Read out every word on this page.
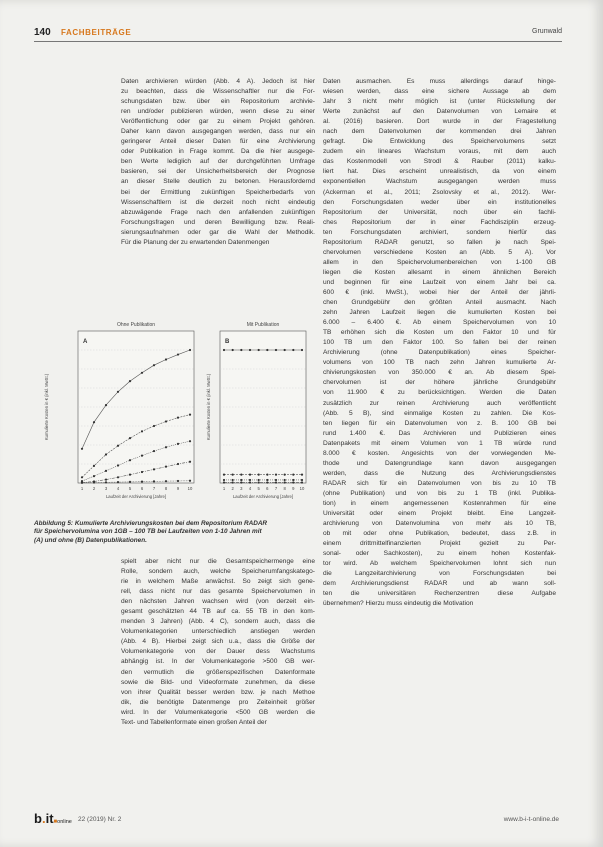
140 FACHBEITRÄGE	Grunwald
Daten archivieren würden (Abb. 4 A). Jedoch ist hier
zu beachten, dass die Wissenschaftler nur die For-
schungsdaten bzw. über ein Repositorium archivie-
ren und/oder publizieren würden, wenn diese zu einer
Veröffentlichung oder gar zu einem Projekt gehören.
Daher kann davon ausgegangen werden, dass nur ein
geringerer Anteil dieser Daten für eine Archivierung
oder Publikation in Frage kommt. Da die hier ausgege-
ben Werte lediglich auf der durchgeführten Umfrage
basieren, sei der Unsicherheitsbereich der Prognose
an dieser Stelle deutlich zu betonen. Herausfordernd
bei der Ermittlung zukünftigen Speicherbedarfs von
Wissenschaftlern ist die derzeit noch nicht eindeutig
abzuwägende Frage nach den anfallenden zukünftigen
Forschungsfragen und deren Bewilligung bzw. Reali-
sierungsaufnahmen oder gar die Wahl der Methodik.
Für die Planung der zu erwartenden Datenmengen
Ohne Publikation
A
1 2 3 4 5 6 7 8 9 10
Laufzeit der Archivierung [Jahre]
Kumulierte Kosten in € (inkl. MwSt.)
Mit Publikation
B
1 2 3 4 5 6 7 8 9 10
Laufzeit der Archivierung [Jahre]
Kumulierte Kosten in € (inkl. MwSt.)
Abbildung 5: Kumulierte Archivierungskosten bei dem Repositorium RADAR
für Speichervolumina von 1GB – 100 TB bei Laufzeiten von 1-10 Jahren mit
(A) und ohne (B) Datenpublikationen.
spielt aber nicht nur die Gesamtspeichermenge eine
Rolle, sondern auch, welche Speicherumfangskatego-
rie in welchem Maße anwächst. So zeigt sich gene-
rell, dass nicht nur das gesamte Speichervolumen in
den nächsten Jahren wachsen wird (von derzeit ein-
gesamt geschätzten 44 TB auf ca. 55 TB in den kom-
menden 3 Jahren) (Abb. 4 C), sondern auch, dass die
Volumenkategorien unterschiedlich anstiegen werden
(Abb. 4 B). Hierbei zeigt sich u.a., dass die Größe der
Volumenkategorie von der Dauer dess Wachstums
abhängig ist. In der Volumenkategorie >500 GB wer-
den vermutlich die größenspezifischen Datenformate
sowie die Bild- und Videoformate zunehmen, da diese
von ihrer Qualität besser werden bzw. je nach Methoe
dik, die benötigte Datenmenge pro Zeiteinheit größer
wird. In der Volumenkategorie <500 GB werden die
Text- und Tabellenformate einen großen Anteil der
Daten ausmachen. Es muss allerdings darauf hinge-
wiesen werden, dass eine sichere Aussage ab dem
Jahr 3 nicht mehr möglich ist (unter Rückstellung der
Werte zunächst auf den Datenvolumen von Lemaire et
al. (2016) basieren. Dort wurde in der Fragestellung
nach dem Datenvolumen der kommenden drei Jahren
gefragt. Die Entwicklung des Speichervolumens setzt
zudem ein lineares Wachstum voraus, mit dem auch
das Kostenmodell von Strodl & Rauber (2011) kalku-
liert hat. Dies erscheint unrealistisch, da von einem
exponentiellen Wachstum ausgegangen werden muss
(Ackerman et al., 2011; Zsolovsky et al., 2012). Wer-
den Forschungsdaten weder über ein institutionelles
Repositorium der Universität, noch über ein fachli-
ches Repositorium der in einer Fachdisziplin erzeug-
ten Forschungsdaten archiviert, sondern hierfür das
Repositorium RADAR genutzt, so fallen je nach Spei-
chervolumen verschiedene Kosten an (Abb. 5 A). Vor
allem in den Speichervolumenbereichen von 1-100 GB
liegen die Kosten allesamt in einem ähnlichen Bereich
und beginnen für eine Laufzeit von einem Jahr bei ca.
600 € (inkl. MwSt.), wobei hier der Anteil der jährli-
chen Grundgebühr den größten Anteil ausmacht. Nach
zehn Jahren Laufzeit liegen die kumulierten Kosten bei
6.000 – 6.400 €. Ab einem Speichervolumen von 10
TB erhöhen sich die Kosten um den Faktor 10 und für
100 TB um den Faktor 100. So fallen bei der reinen
Archivierung (ohne Datenpublikation) eines Speicher-
volumens von 100 TB nach zehn Jahren kumulierte Ar-
chivierungskosten von 350.000 € an. Ab diesem Spei-
chervolumen ist der höhere jährliche Grundgebühr
von 11.900 € zu berücksichtigen. Werden die Daten
zusätzlich zur reinen Archivierung auch veröffentlicht
(Abb. 5 B), sind einmalige Kosten zu zahlen. Die Kos-
ten liegen für ein Datenvolumen von z. B. 100 GB bei
rund 1.400 €. Das Archivieren und Publizieren eines
Datenpakets mit einem Volumen von 1 TB würde rund
8.000 € kosten. Angesichts von der vorwiegenden Me-
thode und Datengrundlage kann davon ausgegangen
werden, dass die Nutzung des Archivierungsdienstes
RADAR sich für ein Datenvolumen von bis zu 10 TB
(ohne Publikation) und von bis zu 1 TB (inkl. Publika-
tion) in einem angemessenen Kostenrahmen für eine
Universität oder einem Projekt bleibt. Eine Langzeit-
archivierung von Datenvolumina von mehr als 10 TB,
ob mit oder ohne Publikation, bedeutet, dass z.B. in
einem drittmittelfinanzierten Projekt gezielt zu Per-
sonal- oder Sachkosten), zu einem hohen Kostenfak-
tor wird. Ab welchem Speichervolumen lohnt sich nun
die Langzeitarchivierung von Forschungsdaten bei
dem Archivierungsdienst RADAR und ab wann soll-
ten die universitären Rechenzentren diese Aufgabe
übernehmen? Hierzu muss eindeutig die Motivation
b.it■online 22 (2019) Nr. 2	www.b-i-t-online.de
